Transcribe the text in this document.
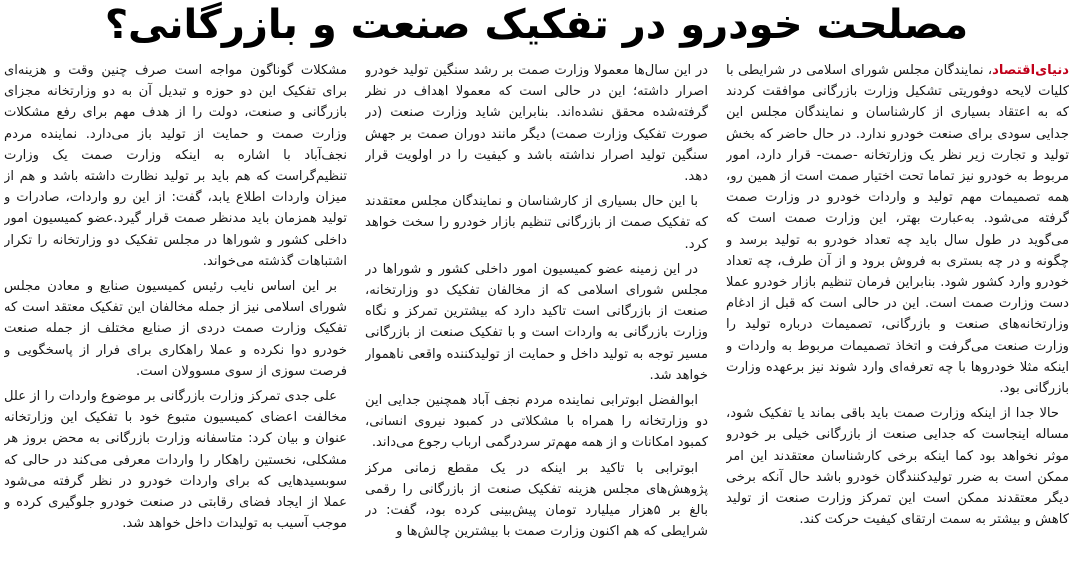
مصلحت خودرو در تفکیک صنعت و بازرگانی؟

دنیای‌اقتصاد، نمایندگان مجلس شورای اسلامی در شرایطی با کلیات لایحه دوفوریتی تشکیل وزارت بازرگانی موافقت کردند که به اعتقاد بسیاری از کارشناسان و نمایندگان مجلس این جدایی سودی برای صنعت خودرو ندارد. در حال حاضر که بخش تولید و تجارت زیر نظر یک وزارتخانه -صمت- قرار دارد، امور مربوط به خودرو نیز تماما تحت اختیار صمت است از همین رو، همه تصمیمات مهم تولید و واردات خودرو در وزارت صمت گرفته می‌شود. به‌عبارت بهتر، این وزارت صمت است که می‌گوید در طول سال باید چه تعداد خودرو به تولید برسد و چگونه و در چه بستری به فروش برود و از آن طرف، چه تعداد خودرو وارد کشور شود. بنابراین فرمان تنظیم بازار خودرو عملا دست وزارت صمت است. این در حالی است که قبل از ادغام وزارتخانه‌های صنعت و بازرگانی، تصمیمات درباره تولید را وزارت صنعت می‌گرفت و اتخاذ تصمیمات مربوط به واردات و اینکه مثلا خودروها با چه تعرفه‌ای وارد شوند نیز برعهده وزارت بازرگانی بود.

حالا جدا از اینکه وزارت صمت باید باقی بماند یا تفکیک شود، مساله اینجاست که جدایی صنعت از بازرگانی خیلی بر خودرو موثر نخواهد بود کما اینکه برخی کارشناسان معتقدند این امر ممکن است به ضرر تولیدکنندگان خودرو باشد حال آنکه برخی دیگر معتقدند ممکن است این تمرکز وزارت صنعت از تولید کاهش و بیشتر به سمت ارتقای کیفیت حرکت کند.

در این سال‌ها معمولا وزارت صمت بر رشد سنگین تولید خودرو اصرار داشته؛ این در حالی است که معمولا اهداف در نظر گرفته‌شده محقق نشده‌اند. بنابراین شاید وزارت صنعت (در صورت تفکیک وزارت صمت) دیگر مانند دوران صمت بر جهش سنگین تولید اصرار نداشته باشد و کیفیت را در اولویت قرار دهد.

با این حال بسیاری از کارشناسان و نمایندگان مجلس معتقدند که تفکیک صمت از بازرگانی تنظیم بازار خودرو را سخت خواهد کرد.

در این زمینه عضو کمیسیون امور داخلی کشور و شوراها در مجلس شورای اسلامی که از مخالفان تفکیک دو وزارتخانه، صنعت از بازرگانی است تاکید دارد که بیشترین تمرکز و نگاه وزارت بازرگانی به واردات است و با تفکیک صنعت از بازرگانی مسیر توجه به تولید داخل و حمایت از تولیدکننده واقعی ناهموار خواهد شد.

ابوالفضل ابوترابی نماینده مردم نجف آباد همچنین جدایی این دو وزارتخانه را همراه با مشکلاتی در کمبود نیروی انسانی، کمبود امکانات و از همه مهم‌تر سردرگمی ارباب رجوع می‌داند.

ابوترابی با تاکید بر اینکه در یک مقطع زمانی مرکز پژوهش‌های مجلس هزینه تفکیک صنعت از بازرگانی را رقمی بالغ بر ۵هزار میلیارد تومان پیش‌بینی کرده بود، گفت: در شرایطی که هم اکنون وزارت صمت با بیشترین چالش‌ها و

مشکلات گوناگون مواجه است صرف چنین وقت و هزینه‌ای برای تفکیک این دو حوزه و تبدیل آن به دو وزارتخانه مجزای بازرگانی و صنعت، دولت را از هدف مهم برای رفع مشکلات وزارت صمت و حمایت از تولید باز می‌دارد. نماینده مردم نجف‌آباد با اشاره به اینکه وزارت صمت یک وزارت تنظیم‌گراست که هم باید بر تولید نظارت داشته باشد و هم از میزان واردات اطلاع یابد، گفت: از این رو واردات، صادرات و تولید همزمان باید مدنظر صمت قرار گیرد.عضو کمیسیون امور داخلی کشور و شوراها در مجلس تفکیک دو وزارتخانه را تکرار اشتباهات گذشته می‌خواند.

بر این اساس نایب رئیس کمیسیون صنایع و معادن مجلس شورای اسلامی نیز از جمله مخالفان این تفکیک معتقد است که تفکیک وزارت صمت دردی از صنایع مختلف از جمله صنعت خودرو دوا نکرده و عملا راهکاری برای فرار از پاسخگویی و فرصت سوزی از سوی مسوولان است.

علی جدی تمرکز وزارت بازرگانی بر موضوع واردات را از علل مخالفت اعضای کمیسیون متبوع خود با تفکیک این وزارتخانه عنوان و بیان کرد: متاسفانه وزارت بازرگانی به محض بروز هر مشکلی، نخستین راهکار را واردات معرفی می‌کند در حالی که سوبسیدهایی که برای واردات خودرو در نظر گرفته می‌شود عملا از ایجاد فضای رقابتی در صنعت خودرو جلوگیری کرده و موجب آسیب به تولیدات داخل خواهد شد.
